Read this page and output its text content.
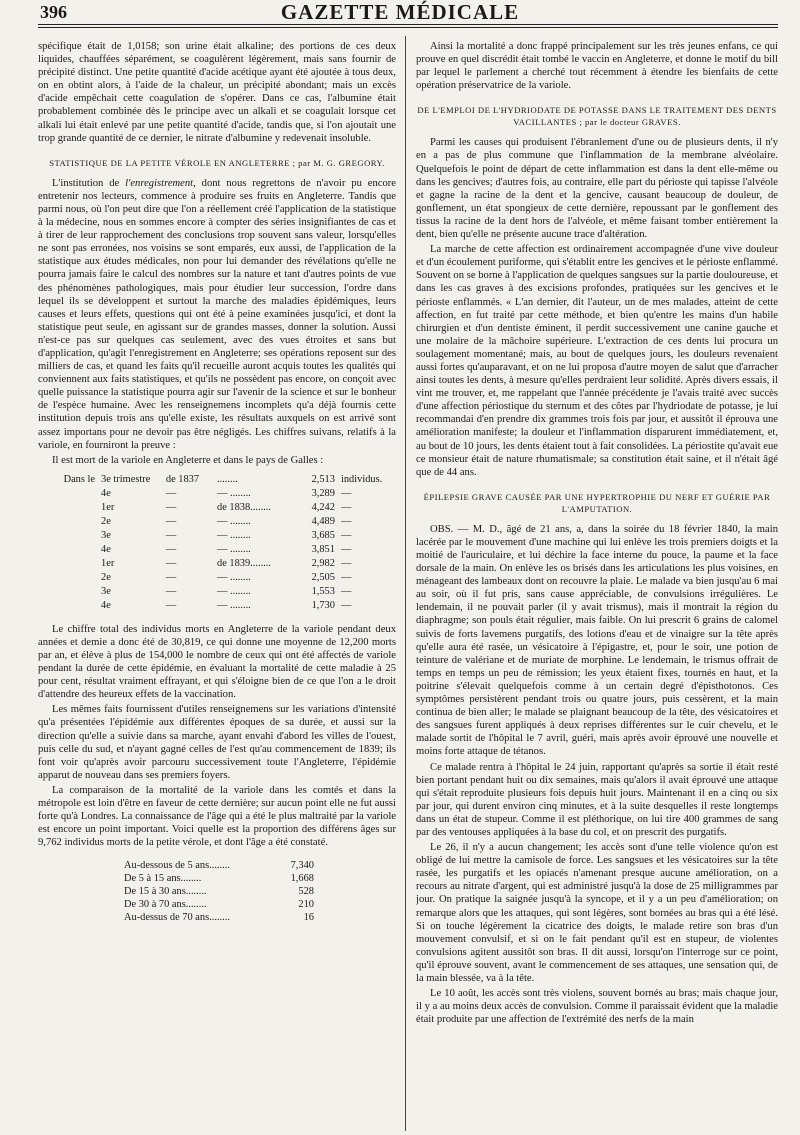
396	GAZETTE MÉDICALE

spécifique était de 1,0158; son urine était alkaline; des portions de ces deux liquides, chauffées séparément, se coagulèrent légèrement, mais sans fournir de précipité distinct. Une petite quantité d'acide acétique ayant été ajoutée à tous deux, on en obtint alors, à l'aide de la chaleur, un précipité abondant; mais un excès d'acide empêchait cette coagulation de s'opérer. Dans ce cas, l'albumine était probablement combinée dès le principe avec un alkali et se coagulait lorsque cet alkali lui était enlevé par une petite quantité d'acide, tandis que, si l'on ajoutait une trop grande quantité de ce dernier, le nitrate d'albumine y redevenait insoluble.

STATISTIQUE DE LA PETITE VÉROLE EN ANGLETERRE ; par M. G. GREGORY.

L'institution de l'enregistrement, dont nous regrettons de n'avoir pu encore entretenir nos lecteurs, commence à produire ses fruits en Angleterre. Tandis que parmi nous, où l'on peut dire que l'on a réellement créé l'application de la statistique à la médecine, nous en sommes encore à compter des séries insignifiantes de cas et à tirer de leur rapprochement des conclusions trop souvent sans valeur, lorsqu'elles ne sont pas erronées, nos voisins se sont emparés, eux aussi, de l'application de la statistique aux études médicales, non pour lui demander des révélations qu'elle ne pourra jamais faire le calcul des nombres sur la nature et tant d'autres points de vue des phénomènes pathologiques, mais pour étudier leur succession, l'ordre dans lequel ils se développent et surtout la marche des maladies épidémiques, leurs causes et leurs effets, questions qui ont été à peine examinées jusqu'ici, et dont la statistique peut seule, en agissant sur de grandes masses, donner la solution. Aussi n'est-ce pas sur quelques cas seulement, avec des vues étroites et sans but d'application, qu'agit l'enregistrement en Angleterre; ses opérations reposent sur des milliers de cas, et quand les faits qu'il recueille auront acquis toutes les qualités qui conviennent aux faits statistiques, et qu'ils ne possèdent pas encore, on conçoit avec quelle puissance la statistique pourra agir sur l'avenir de la science et sur le bonheur de l'espèce humaine. Avec les renseignemens incomplets qu'a déjà fournis cette institution depuis trois ans qu'elle existe, les résultats auxquels on est arrivé sont assez importans pour ne devoir pas être négligés. Les chiffres suivans, relatifs à la variole, en fourniront la preuve :

Il est mort de la variole en Angleterre et dans le pays de Galles :

Dans le 3e trimestre	de 1837	........	2,513 individus.
4e	—	— ........	3,289 —
1er	—	de 1838........	4,242 —
2e	—	— ........	4,489 —
3e	—	— ........	3,685 —
4e	—	— ........	3,851 —
1er	—	de 1839........	2,982 —
2e	—	— ........	2,505 —
3e	—	— ........	1,553 —
4e	—	— ........	1,730 —

Le chiffre total des individus morts en Angleterre de la variole pendant deux années et demie a donc été de 30,819, ce qui donne une moyenne de 12,200 morts par an, et élève à plus de 154,000 le nombre de ceux qui ont été affectés de variole pendant la durée de cette épidémie, en évaluant la mortalité de cette maladie à 25 pour cent, résultat vraiment effrayant, et qui s'éloigne bien de ce que l'on a le droit d'attendre des heureux effets de la vaccination.

Les mêmes faits fournissent d'utiles renseignemens sur les variations d'intensité qu'a présentées l'épidémie aux différentes époques de sa durée, et aussi sur la direction qu'elle a suivie dans sa marche, ayant envahi d'abord les villes de l'ouest, puis celle du sud, et n'ayant gagné celles de l'est qu'au commencement de 1839; ils font voir qu'après avoir parcouru successivement toute l'Angleterre, l'épidémie apparut de nouveau dans ses premiers foyers.

La comparaison de la mortalité de la variole dans les comtés et dans la métropole est loin d'être en faveur de cette dernière; sur aucun point elle ne fut aussi forte qu'à Londres. La connaissance de l'âge qui a été le plus maltraité par la variole est encore un point important. Voici quelle est la proportion des différens âges sur 9,762 individus morts de la petite vérole, et dont l'âge a été constaté.

Au-dessous de 5 ans........	7,340
De 5 à 15 ans........	1,668
De 15 à 30 ans........	528
De 30 à 70 ans........	210
Au-dessus de 70 ans........	16

Ainsi la mortalité a donc frappé principalement sur les très jeunes enfans, ce qui prouve en quel discrédit était tombé le vaccin en Angleterre, et donne le motif du bill par lequel le parlement a cherché tout récemment à étendre les bienfaits de cette opération préservatrice de la variole.

DE L'EMPLOI DE L'HYDRIODATE DE POTASSE DANS LE TRAITEMENT DES DENTS VACILLANTES ; par le docteur GRAVES.

Parmi les causes qui produisent l'ébranlement d'une ou de plusieurs dents, il n'y en a pas de plus commune que l'inflammation de la membrane alvéolaire. Quelquefois le point de départ de cette inflammation est dans la dent elle-même ou dans les gencives; d'autres fois, au contraire, elle part du périoste qui tapisse l'alvéole et gagne la racine de la dent et la gencive, causant beaucoup de douleur, de gonflement, un état spongieux de cette dernière, repoussant par le gonflement des tissus la racine de la dent hors de l'alvéole, et même faisant tomber entièrement la dent, bien qu'elle ne présente aucune trace d'altération.

La marche de cette affection est ordinairement accompagnée d'une vive douleur et d'un écoulement puriforme, qui s'établit entre les gencives et le périoste enflammé. Souvent on se borne à l'application de quelques sangsues sur la partie douloureuse, et dans les cas graves à des excisions profondes, pratiquées sur les gencives et le périoste enflammés. « L'an dernier, dit l'auteur, un de mes malades, atteint de cette affection, en fut traité par cette méthode, et bien qu'entre les mains d'un habile chirurgien et d'un dentiste éminent, il perdit successivement une canine gauche et une molaire de la mâchoire supérieure. L'extraction de ces dents lui procura un soulagement momentané; mais, au bout de quelques jours, les douleurs revenaient aussi fortes qu'auparavant, et on ne lui proposa d'autre moyen de salut que d'arracher ainsi toutes les dents, à mesure qu'elles perdraient leur solidité. Après divers essais, il vint me trouver, et, me rappelant que l'année précédente je l'avais traité avec succès d'une affection périostique du sternum et des côtes par l'hydriodate de potasse, je lui recommandai d'en prendre dix grammes trois fois par jour, et aussitôt il éprouva une amélioration manifeste; la douleur et l'inflammation disparurent immédiatement, et, au bout de 10 jours, les dents étaient tout à fait consolidées. La périostite qu'avait eue ce monsieur était de nature rhumatismale; sa constitution était saine, et il n'était âgé que de 44 ans.

ÉPILEPSIE GRAVE CAUSÉE PAR UNE HYPERTROPHIE DU NERF ET GUÉRIE PAR L'AMPUTATION.

OBS. — M. D., âgé de 21 ans, a, dans la soirée du 18 février 1840, la main lacérée par le mouvement d'une machine qui lui enlève les trois premiers doigts et la moitié de l'auriculaire, et lui déchire la face interne du pouce, la paume et la face dorsale de la main. On enlève les os brisés dans les articulations les plus voisines, en ménageant des lambeaux dont on recouvre la plaie. Le malade va bien jusqu'au 6 mai au soir, où il fut pris, sans cause appréciable, de convulsions irrégulières. Le lendemain, il ne pouvait parler (il y avait trismus), mais il montrait la région du diaphragme; son pouls était régulier, mais faible. On lui prescrit 6 grains de calomel suivis de forts lavemens purgatifs, des lotions d'eau et de vinaigre sur la tête après qu'elle aura été rasée, un vésicatoire à l'épigastre, et, pour le soir, une potion de teinture de valériane et de muriate de morphine. Le lendemain, le trismus offrait de temps en temps un peu de rémission; les yeux étaient fixes, tournés en haut, et la poitrine s'élevait quelquefois comme à un certain degré d'épisthotonos. Ces symptômes persistèrent pendant trois ou quatre jours, puis cessèrent, et la main continua de bien aller; le malade se plaignant beaucoup de la tête, des vésicatoires et des sangsues furent appliqués à deux reprises différentes sur le cuir chevelu, et le malade sortit de l'hôpital le 7 avril, guéri, mais après avoir éprouvé une nouvelle et moins forte attaque de tétanos.

Ce malade rentra à l'hôpital le 24 juin, rapportant qu'après sa sortie il était resté bien portant pendant huit ou dix semaines, mais qu'alors il avait éprouvé une attaque qui s'était reproduite plusieurs fois depuis huit jours. Maintenant il en a cinq ou six par jour, qui durent environ cinq minutes, et à la suite desquelles il reste longtemps dans un état de stupeur. Comme il est pléthorique, on lui tire 400 grammes de sang par des ventouses appliquées à la base du col, et on prescrit des purgatifs.

Le 26, il n'y a aucun changement; les accès sont d'une telle violence qu'on est obligé de lui mettre la camisole de force. Les sangsues et les vésicatoires sur la tête rasée, les purgatifs et les opiacés n'amenant presque aucune amélioration, on a recours au nitrate d'argent, qui est administré jusqu'à la dose de 25 milligrammes par jour. On pratique la saignée jusqu'à la syncope, et il y a un peu d'amélioration; on remarque alors que les attaques, qui sont légères, sont bornées au bras qui a été lésé. Si on touche légèrement la cicatrice des doigts, le malade retire son bras d'un mouvement convulsif, et si on le fait pendant qu'il est en stupeur, de violentes convulsions agitent aussitôt son bras. Il dit aussi, lorsqu'on l'interroge sur ce point, qu'il éprouve souvent, avant le commencement de ses attaques, une sensation qui, de la main blessée, va à la tête.

Le 10 août, les accès sont très violens, souvent bornés au bras; mais chaque jour, il y a au moins deux accès de convulsion. Comme il paraissait évident que la maladie était produite par une affection de l'extrémité des nerfs de la main
